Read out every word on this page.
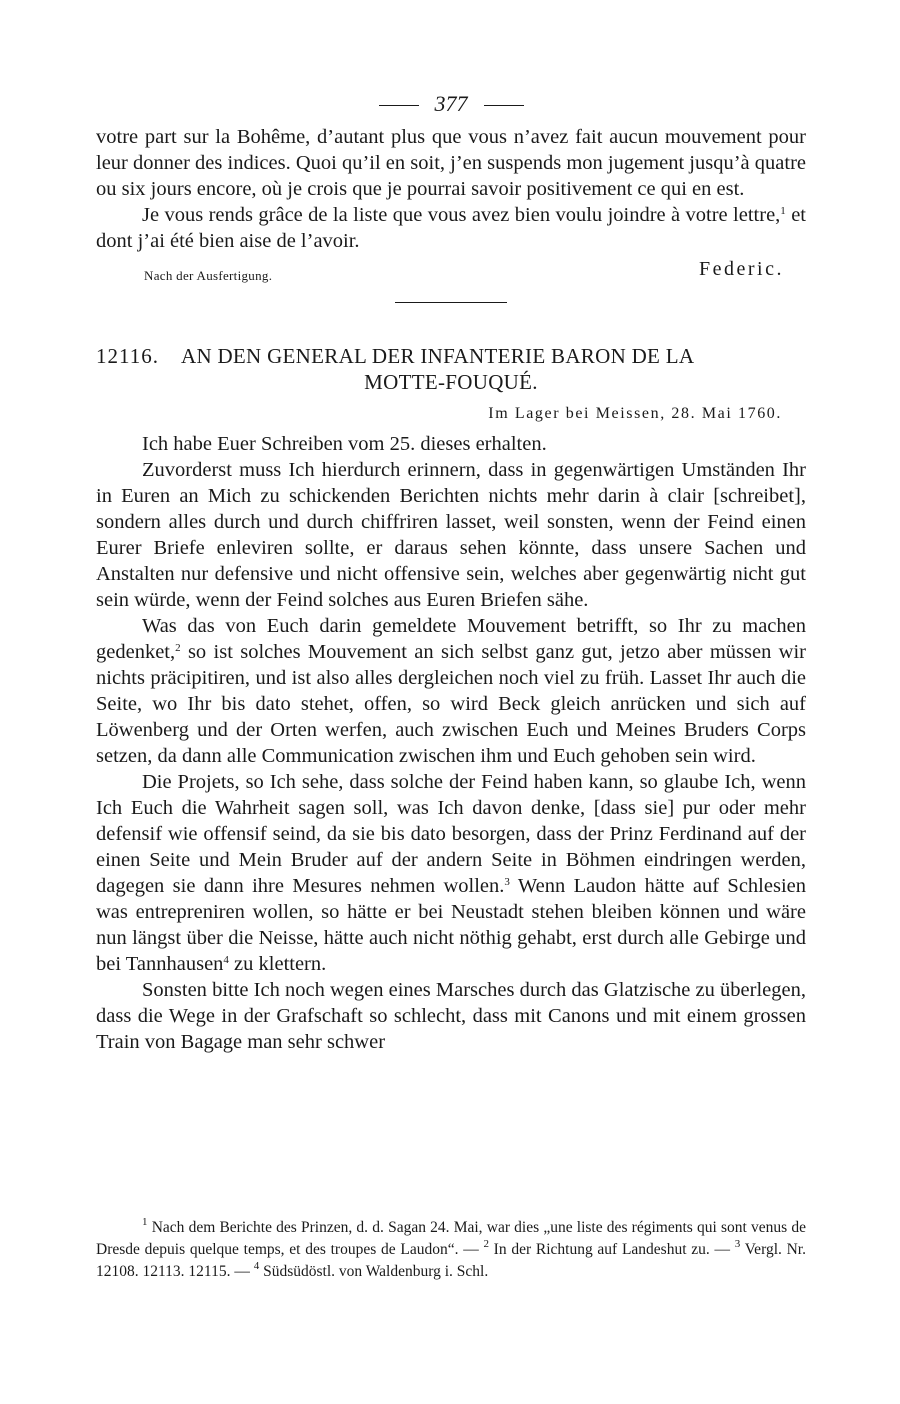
377

votre part sur la Bohême, d’autant plus que vous n’avez fait aucun mouvement pour leur donner des indices. Quoi qu’il en soit, j’en suspends mon jugement jusqu’à quatre ou six jours encore, où je crois que je pourrai savoir positivement ce qui en est.

Je vous rends grâce de la liste que vous avez bien voulu joindre à votre lettre,$^1$ et dont j’ai été bien aise de l’avoir.

Nach der Ausfertigung.	Federic.
12116. AN DEN GENERAL DER INFANTERIE BARON DE LA
MOTTE-FOUQUÉ.
Im Lager bei Meissen, 28. Mai 1760.

Ich habe Euer Schreiben vom 25. dieses erhalten.

Zuvorderst muss Ich hierdurch erinnern, dass in gegenwärtigen Umständen Ihr in Euren an Mich zu schickenden Berichten nichts mehr darin à clair [schreibet], sondern alles durch und durch chiffriren lasset, weil sonsten, wenn der Feind einen Eurer Briefe enleviren sollte, er daraus sehen könnte, dass unsere Sachen und Anstalten nur defensive und nicht offensive sein, welches aber gegenwärtig nicht gut sein würde, wenn der Feind solches aus Euren Briefen sähe.

Was das von Euch darin gemeldete Mouvement betrifft, so Ihr zu machen gedenket,$^2$ so ist solches Mouvement an sich selbst ganz gut, jetzo aber müssen wir nichts präcipitiren, und ist also alles dergleichen noch viel zu früh. Lasset Ihr auch die Seite, wo Ihr bis dato stehet, offen, so wird Beck gleich anrücken und sich auf Löwenberg und der Orten werfen, auch zwischen Euch und Meines Bruders Corps setzen, da dann alle Communication zwischen ihm und Euch gehoben sein wird.

Die Projets, so Ich sehe, dass solche der Feind haben kann, so glaube Ich, wenn Ich Euch die Wahrheit sagen soll, was Ich davon denke, [dass sie] pur oder mehr defensif wie offensif seind, da sie bis dato besorgen, dass der Prinz Ferdinand auf der einen Seite und Mein Bruder auf der andern Seite in Böhmen eindringen werden, dagegen sie dann ihre Mesures nehmen wollen.$^3$ Wenn Laudon hätte auf Schlesien was entrepreniren wollen, so hätte er bei Neustadt stehen bleiben können und wäre nun längst über die Neisse, hätte auch nicht nöthig gehabt, erst durch alle Gebirge und bei Tannhausen$^4$ zu klettern.

Sonsten bitte Ich noch wegen eines Marsches durch das Glatzische zu überlegen, dass die Wege in der Grafschaft so schlecht, dass mit Canons und mit einem grossen Train von Bagage man sehr schwer

$^1$ Nach dem Berichte des Prinzen, d. d. Sagan 24. Mai, war dies „une liste des régiments qui sont venus de Dresde depuis quelque temps, et des troupes de Laudon“. — $^2$ In der Richtung auf Landeshut zu. — $^3$ Vergl. Nr. 12108. 12113. 12115. — $^4$ Südsüdöstl. von Waldenburg i. Schl.
